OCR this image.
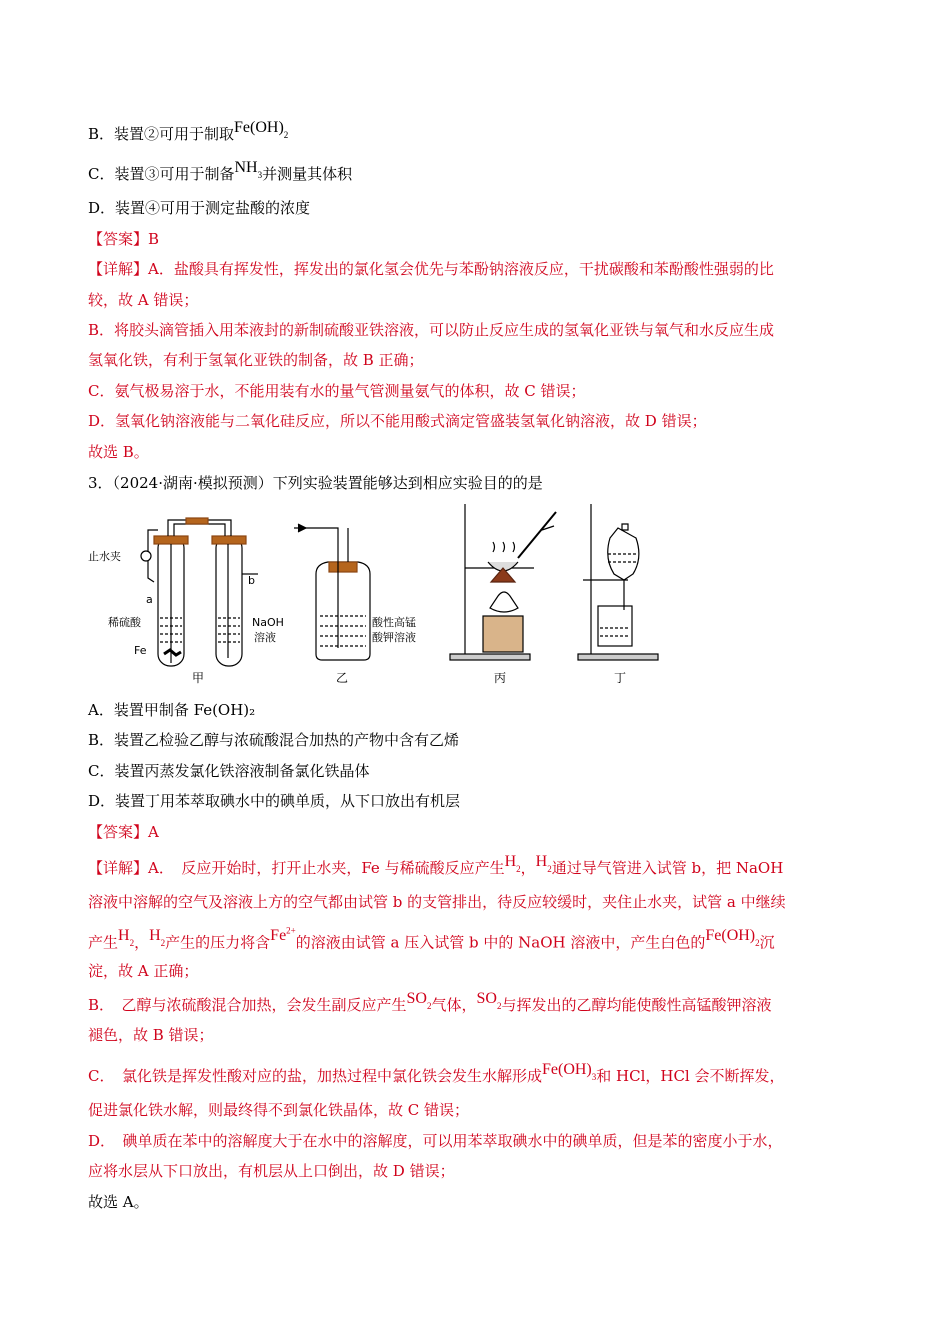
B．装置②可用于制取$Fe(OH)_2$
C．装置③可用于制备$NH_3$并测量其体积
D．装置④可用于测定盐酸的浓度
【答案】B
【详解】A．盐酸具有挥发性，挥发出的氯化氢会优先与苯酚钠溶液反应，干扰碳酸和苯酚酸性强弱的比
较，故 A 错误；
B．将胶头滴管插入用苯液封的新制硫酸亚铁溶液，可以防止反应生成的氢氧化亚铁与氧气和水反应生成
氢氧化铁，有利于氢氧化亚铁的制备，故 B 正确；
C．氨气极易溶于水，不能用装有水的量气管测量氨气的体积，故 C 错误；
D．氢氧化钠溶液能与二氧化硅反应，所以不能用酸式滴定管盛装氢氧化钠溶液，故 D 错误；
故选 B。
3．（2024·湖南·模拟预测）下列实验装置能够达到相应实验目的的是
止水夹
a
b
稀硫酸
Fe
NaOH
溶液
甲
酸性高锰
酸钾溶液
乙	丙	丁
A．装置甲制备 Fe(OH)₂
B．装置乙检验乙醇与浓硫酸混合加热的产物中含有乙烯
C．装置丙蒸发氯化铁溶液制备氯化铁晶体
D．装置丁用苯萃取碘水中的碘单质，从下口放出有机层
【答案】A
【详解】A．　反应开始时，打开止水夹，Fe 与稀硫酸反应产生$H_2$，$H_2$通过导气管进入试管 b，把 NaOH
溶液中溶解的空气及溶液上方的空气都由试管 b 的支管排出，待反应较缓时，夹住止水夹，试管 a 中继续
产生$H_2$，$H_2$产生的压力将含$Fe^{2+}$的溶液由试管 a 压入试管 b 中的 NaOH 溶液中，产生白色的$Fe(OH)_2$沉
淀，故 A 正确；
B．　乙醇与浓硫酸混合加热，会发生副反应产生$SO_2$气体，$SO_2$与挥发出的乙醇均能使酸性高锰酸钾溶液
褪色，故 B 错误；
C．　氯化铁是挥发性酸对应的盐，加热过程中氯化铁会发生水解形成$Fe(OH)_3$和 HCl，HCl 会不断挥发，
促进氯化铁水解，则最终得不到氯化铁晶体，故 C 错误；
D．　碘单质在苯中的溶解度大于在水中的溶解度，可以用苯萃取碘水中的碘单质，但是苯的密度小于水，
应将水层从下口放出，有机层从上口倒出，故 D 错误；
故选 A。
